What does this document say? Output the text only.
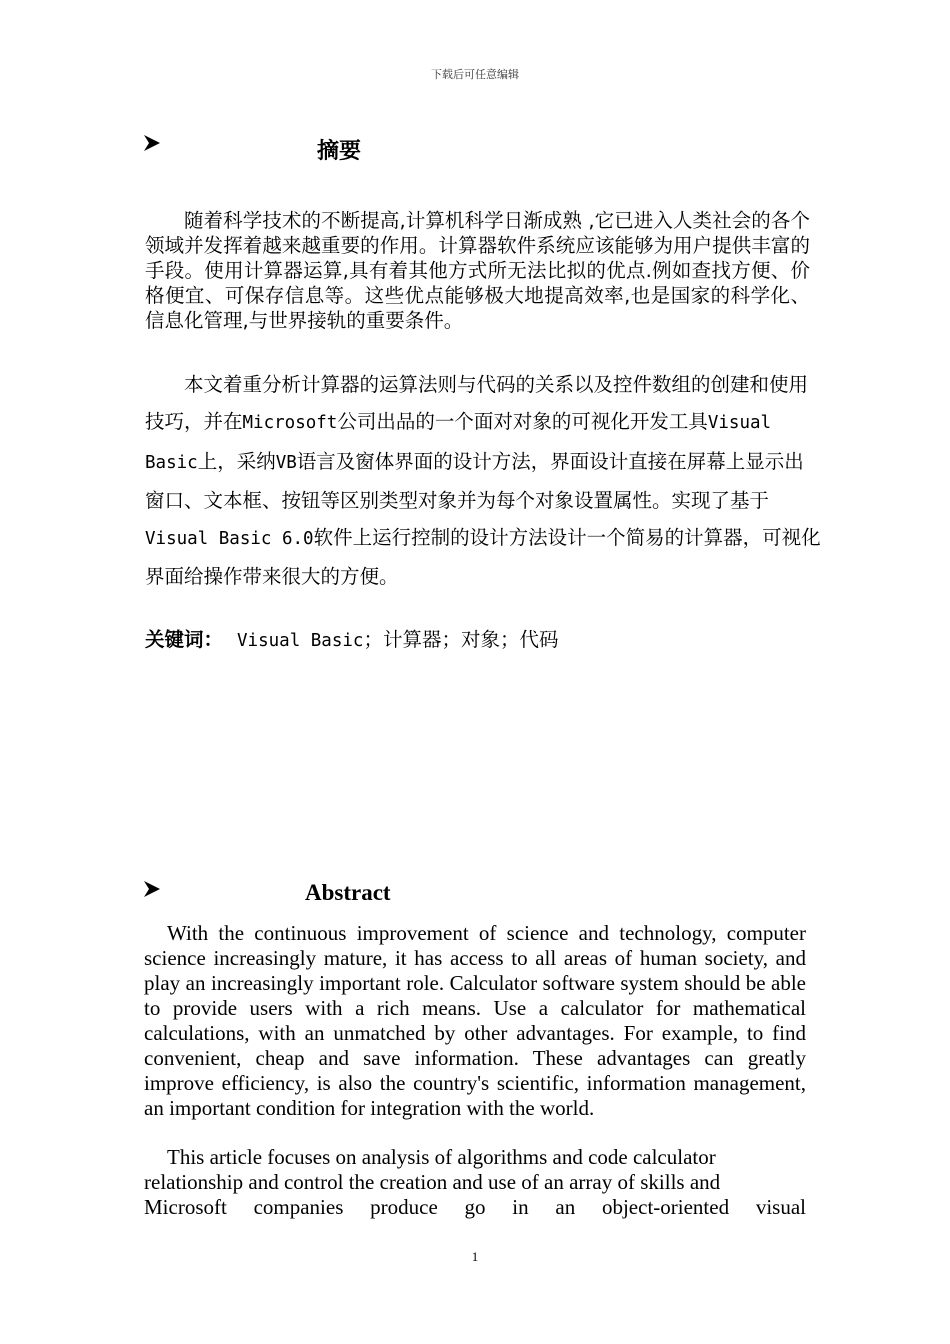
下载后可任意编辑
摘要

随着科学技术的不断提高,计算机科学日渐成熟 ,它已进入人类社会的各个领域并发挥着越来越重要的作用。计算器软件系统应该能够为用户提供丰富的手段。使用计算器运算,具有着其他方式所无法比拟的优点.例如查找方便、价格便宜、可保存信息等。这些优点能够极大地提高效率,也是国家的科学化、信息化管理,与世界接轨的重要条件。

本文着重分析计算器的运算法则与代码的关系以及控件数组的创建和使用技巧，并在Microsoft公司出品的一个面对对象的可视化开发工具Visual Basic上，采纳VB语言及窗体界面的设计方法，界面设计直接在屏幕上显示出窗口、文本框、按钮等区别类型对象并为每个对象设置属性。实现了基于Visual Basic 6.0软件上运行控制的设计方法设计一个简易的计算器，可视化界面给操作带来很大的方便。

关键词： Visual Basic；计算器；对象；代码
Abstract

With the continuous improvement of science and technology, computer science increasingly mature, it has access to all areas of human society, and play an increasingly important role. Calculator software system should be able to provide users with a rich means. Use a calculator for mathematical calculations, with an unmatched by other advantages. For example, to find convenient, cheap and save information. These advantages can greatly improve efficiency, is also the country's scientific, information management, an important condition for integration with the world.

This article focuses on analysis of algorithms and code calculator
relationship and control the creation and use of an array of skills and
Microsoft companies produce go in an object-oriented visual

1
